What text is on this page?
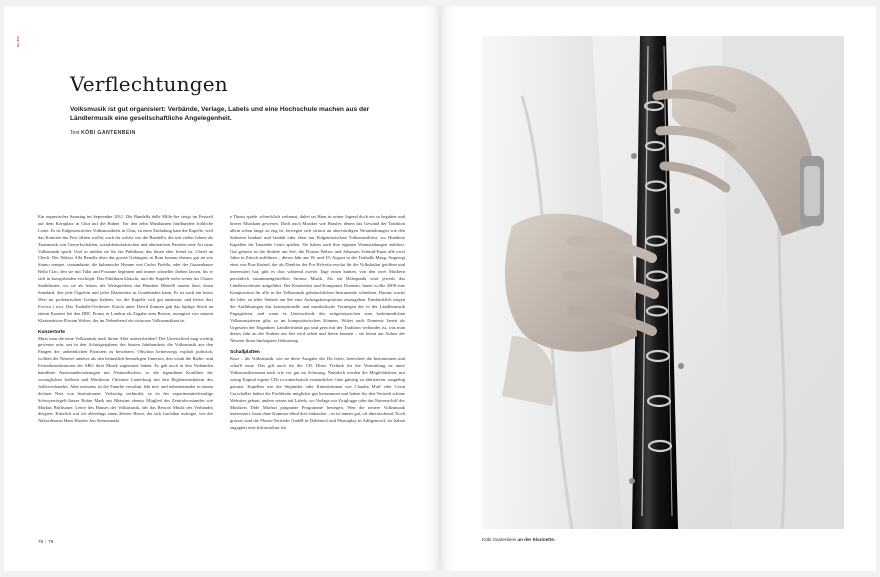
Du 825
Verflechtungen

Volksmusik ist gut organisiert: Verbände, Verlage, Labels und eine Hochschule machen aus der Ländlermusik eine gesellschaftliche Angelegenheit.

Text KÖBI GANTENBEIN

Ein regnerischer Samstag im September 2011. Die Bandella delle Mille-lire steigt im Festzelt auf dem Kornplatz in Chur auf die Bühne. Vor den zehn Musikanten fünfhundert fröhliche Leute. Es ist Eidgenössisches Volksmusikfest in Chur, zu einer Einladung kam die Kapelle, weil das Komitee das Fest öffnen wollte; auch für solche wie die Bandella, die seit vielen Jahren als Tanzmusik von Gewerkschaften, sozialdemokratischen und alternativen Parteien eine Art neue Volksmusik spielt. Und so mühen sie für ein Publikum, das ihnen eher fremd ist, Cherli an Cherli: Der Walzer Alla Renella über das grosse Gefängnis in Rom kommt ebenso gut an wie Siamo sempre, comandante, die kubanische Hymne von Carlos Puebla, oder der Gassenhauer Bella Ciao, den sie mit Tuba und Posaune beginnen und immer schneller drehen lassen, bis er sich in Jazzgirlanden erschöpft. Das Publikum klatscht, und die Kapelle zieht weiter ins Churer Stadttheater, wo sie als letztes des Wettspieleres das Bündner Meitelli tanzen lässt, einen Standard, den jede Örgelein und jeder Klarinettist in Graubünden kann. Er ist auch ein fester Wert im proletarischen Liedgut Italiens, wo die Kapelle sich gut auskennt, und heisst dort Evviva i soci. Das Tonhalle-Orchester Zürich unter David Zinman gab das lüpfige Stück an einem Konzert bei den BBC Proms in London als Zugabe zum Besten, arrangiert von seinem Klarinettisten Florian Walser, der im Nebenberuf ein virtuoser Volksmusikant ist.

Konzertorte

Muss man die neue Volksmusik nach ihrem Alter unterscheiden? Der Unterschied mag wichtig gewesen sein, um in den Achtzigerjahren des letzten Jahrhunderts die Volksmusik aus den Fängen der unheimlichen Patrioten zu bewahren. Obschon keineswegs explizit politisch, wollten die Neuerer anderes als den heimatlich-heimeligen Unterton, den vorab die Radio- und Fernsehmoderatoren der SRG ihrer Musik zugemutet haben. Es gab auch in den Verbänden handfeste Auseinandersetzungen mit Neumödischen, so die legendären Konflikte der vorzüglichen Jodlerin und Musikerin Christine Lauterburg mit den Reglementshütern des Jodlerverbandes. Aber meistens ist die Familie versöhnt, lebt mit- und nebeneinander in einem dichten Netz von Institutionen. Vielseitig verbindet, so ist der experimentierfreudige Schwyzerörgeli-Jazzer Robin Mark aus Rhäzüns ebenso Mitglied des Zentralvorstandes wie Markus Brülisauer, Leiter des Hauses der Volksmusik, der das Ressort Musik des Verbandes dirigiert. Kürzlich traf ich allerdings einen älteren Herrn, der sich furchtbar aufregte, wie der Akkordeonist Hans Hassler Am Sternamarkt

z Thusis spiele, schrecklich verhunzt, dabei sei Hans in seiner Jugend doch ein so begabter und braver Musikant gewesen. Doch auch Musiker wie Hassler, denen das Gewand der Tradition allein schon lange zu eng ist, bewegen sich virtuos an alterwürdigen Veranstaltungen wie den Stubeten landauf und landab oder eben am Eidgenössischen Volksmusikfest, wo Hunderte Kapellen für Tausende Leute spielen. Sie haben auch ihre eigenen Veranstaltungen etabliert. Gut gearten ist die Stubete am See, die Florian Walser und Johannes Schmid-Kunz alle zwei Jahre in Zürich aufführen – dieses Jahr am 18. und 19. August in der Tonhalle Maag. Angeregt einst von Pius Knüsel, der als Direktor der Pro Helvetia resolut für die Volkskultur geöffnet und interessiert hat, gibt es dort während zweier Tage einen bunten, von den zwei Machern persönlich zusammengestellten Strauss Musik. Als ein Höhepunkt wird jeweils das Ländlerorchester aufgeführt. Der Klarinettist und Komponist Domenic Janett wollte 2008 eine Komposition für alle in der Volksmusik gebräuchlichen Instrumente schreiben. Daraus wuchs die Idee, zu jeder Stubete am See eine Auftragskomposition auszugeben. Eindrücklich zeigen die Aufführungen das konzeptionelle und musikalische Vermögen der in der Ländlermusik Engagierten, und wenn es Unterschiede des zeitgenössischen zum herkömmlichen Volksmusizieren gibt, so im kompositorischen Können. Wobei auch Domenic Janett als Urgestein der Engadiner Ländlerfründa gut und gern mit der Tradition verbündet ist, was man dieses Jahr an der Stubete am See wird sehen und hören können – sie feiern am Anlass der Neuerer ihren fünfzigsten Geburtstag.

Schallplatten

Kurz – die Volksmusik, wie sie diese Ausgabe des Du feiert, bereichert die Institutionen und schafft neue. Das gilt auch für die CD. Diese Technik für die Vermittlung ist unter Volksmusikerinnen nach wie vor gut im Schwung. Natürlich werden die Möglichkeiten, mit wenig Kapital eigene CDs in tontechnisch erstaunlicher Güte günstig zu fabrizieren, ausgiebig genutzt. Kapellen wie die Stajünsler oder Künstlerinnen wie Claudia Muff oder Corin Curschellas halten die Profitkette möglichst gut beisammen und haben für den Vertrieb schöne Websites gebaut, andere setzen auf Labels, wo Verlage wie Zytglogge oder das Narrenschiff des Musikers Dide Marfurt prägnante Programme bewegen. Wen die neuere Volksmusik interessiert, kann ohne Kummer blind dort einkaufen – es ist immer gut, oft überraschend. Noch grösser sind die Phono-Vertriebs GmbH in Dallenwil und Phonoplay in Adligenswil; sie halten engagiert eine Infrastruktur für

78 | 79	Köbi Gantenbein an der Klarinette.
